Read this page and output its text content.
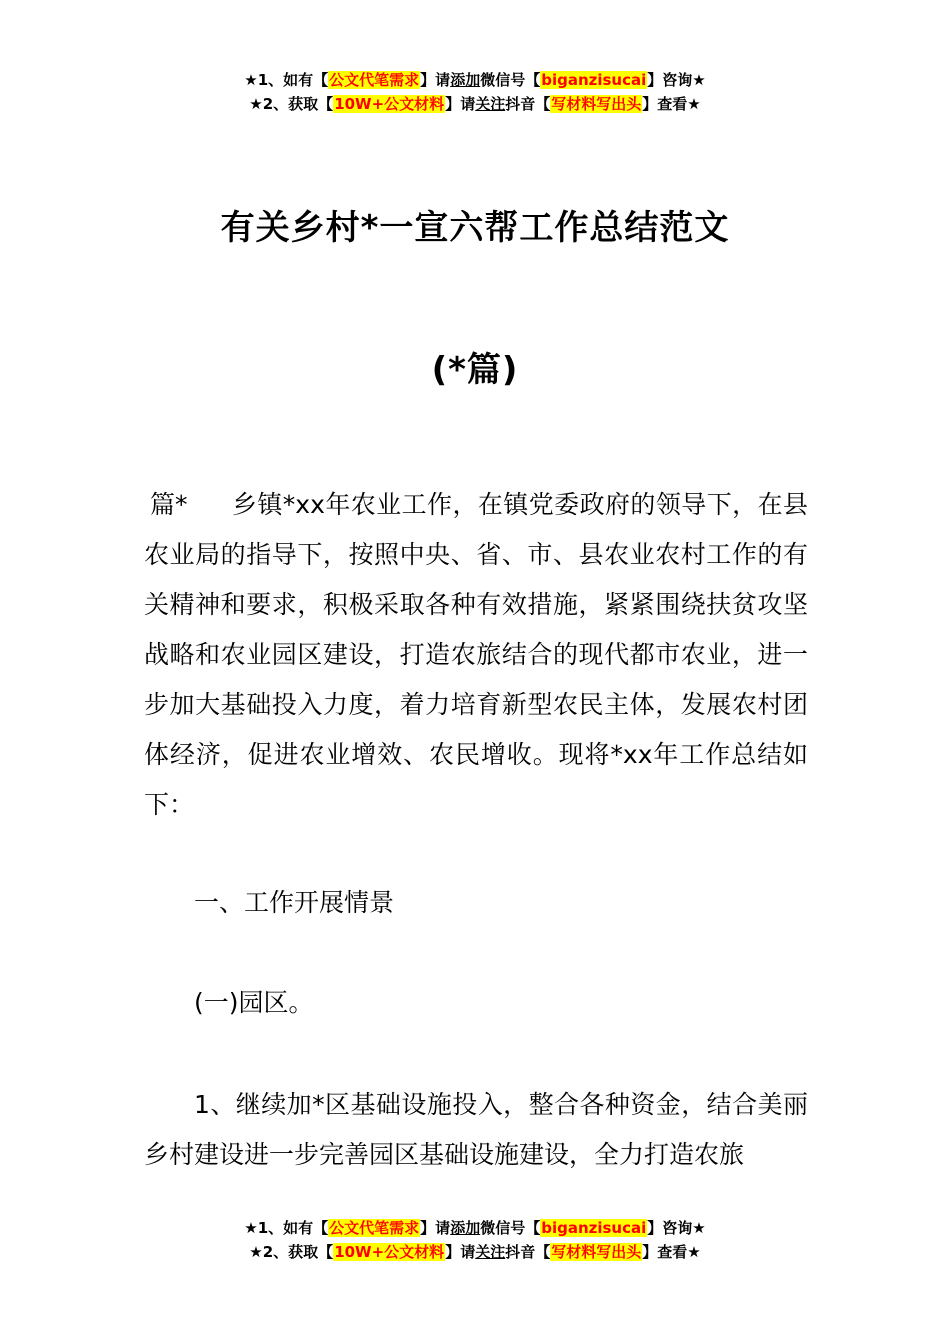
★1、如有【公文代笔需求】请添加微信号【biganzisucai】咨询★
★2、获取【10W+公文材料】请关注抖音【写材料写出头】查看★
有关乡村*一宣六帮工作总结范文
(*篇)
篇* 乡镇*xx年农业工作，在镇党委政府的领导下，在县农业局的指导下，按照中央、省、市、县农业农村工作的有关精神和要求，积极采取各种有效措施，紧紧围绕扶贫攻坚战略和农业园区建设，打造农旅结合的现代都市农业，进一步加大基础投入力度，着力培育新型农民主体，发展农村团体经济，促进农业增效、农民增收。现将*xx年工作总结如下：
一、工作开展情景
(一)园区。
1、继续加*区基础设施投入，整合各种资金，结合美丽乡村建设进一步完善园区基础设施建设，全力打造农旅
★1、如有【公文代笔需求】请添加微信号【biganzisucai】咨询★
★2、获取【10W+公文材料】请关注抖音【写材料写出头】查看★
